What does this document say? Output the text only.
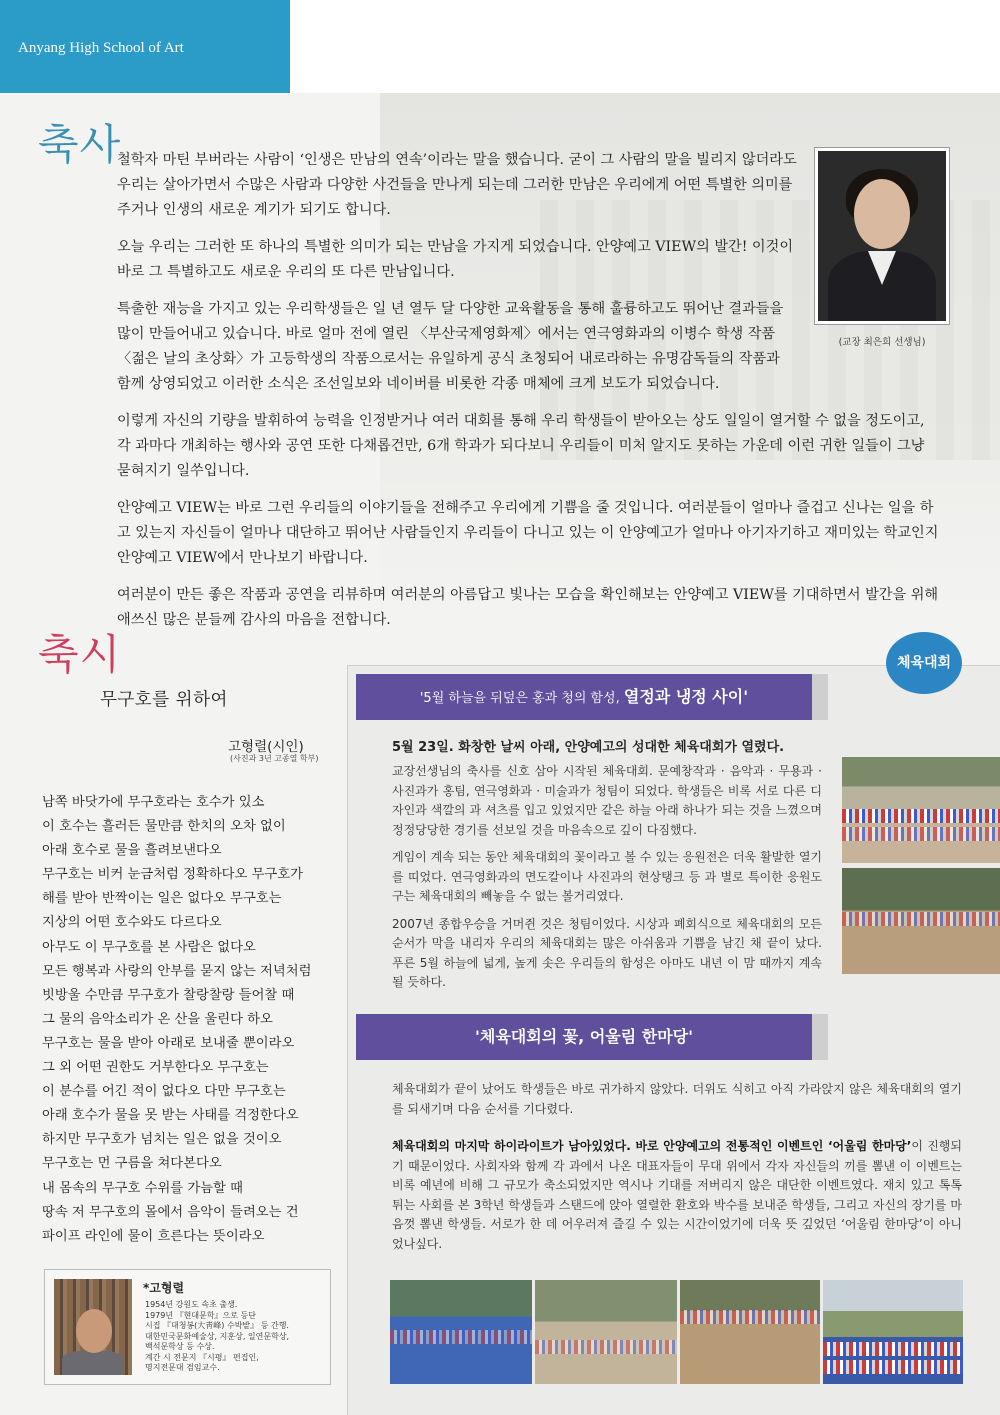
Anyang High School of Art
축사

철학자 마틴 부버라는 사람이 ‘인생은 만남의 연속’이라는 말을 했습니다. 굳이 그 사람의 말을 빌리지 않더라도 우리는 살아가면서 수많은 사람과 다양한 사건들을 만나게 되는데 그러한 만남은 우리에게 어떤 특별한 의미를 주거나 인생의 새로운 계기가 되기도 합니다.

오늘 우리는 그러한 또 하나의 특별한 의미가 되는 만남을 가지게 되었습니다. 안양예고 VIEW의 발간! 이것이 바로 그 특별하고도 새로운 우리의 또 다른 만남입니다.

특출한 재능을 가지고 있는 우리학생들은 일 년 열두 달 다양한 교육활동을 통해 훌륭하고도 뛰어난 결과들을 많이 만들어내고 있습니다. 바로 얼마 전에 열린 〈부산국제영화제〉에서는 연극영화과의 이병수 학생 작품 〈젊은 날의 초상화〉가 고등학생의 작품으로서는 유일하게 공식 초청되어 내로라하는 유명감독들의 작품과 함께 상영되었고 이러한 소식은 조선일보와 네이버를 비롯한 각종 매체에 크게 보도가 되었습니다.

이렇게 자신의 기량을 발휘하여 능력을 인정받거나 여러 대회를 통해 우리 학생들이 받아오는 상도 일일이 열거할 수 없을 정도이고, 각 과마다 개최하는 행사와 공연 또한 다채롭건만, 6개 학과가 되다보니 우리들이 미처 알지도 못하는 가운데 이런 귀한 일들이 그냥 묻혀지기 일쑤입니다.

안양예고 VIEW는 바로 그런 우리들의 이야기들을 전해주고 우리에게 기쁨을 줄 것입니다. 여러분들이 얼마나 즐겁고 신나는 일을 하고 있는지 자신들이 얼마나 대단하고 뛰어난 사람들인지 우리들이 다니고 있는 이 안양예고가 얼마나 아기자기하고 재미있는 학교인지 안양예고 VIEW에서 만나보기 바랍니다.

여러분이 만든 좋은 작품과 공연을 리뷰하며 여러분의 아름답고 빛나는 모습을 확인해보는 안양예고 VIEW를 기대하면서 발간을 위해 애쓰신 많은 분들께 감사의 마음을 전합니다.

(교장 최은희 선생님)
축시
무구호를 위하여
고형렬(시인)
(사진과 3년 고종열 학부)
남쪽 바닷가에 무구호라는 호수가 있소
이 호수는 흘러든 물만큼 한치의 오차 없이
아래 호수로 물을 흘려보낸다오
무구호는 비커 눈금처럼 정확하다오 무구호가
해를 받아 반짝이는 일은 없다오 무구호는
지상의 어떤 호수와도 다르다오
아무도 이 무구호를 본 사람은 없다오
모든 행복과 사랑의 안부를 묻지 않는 저녁처럼
빗방울 수만큼 무구호가 찰랑찰랑 들어찰 때
그 물의 음악소리가 온 산을 울린다 하오
무구호는 물을 받아 아래로 보내줄 뿐이라오
그 외 어떤 권한도 거부한다오 무구호는
이 분수를 어긴 적이 없다오 다만 무구호는
아래 호수가 물을 못 받는 사태를 걱정한다오
하지만 무구호가 넘치는 일은 없을 것이오
무구호는 먼 구름을 쳐다본다오
내 몸속의 무구호 수위를 가늠할 때
땅속 저 무구호의 몰에서 음악이 들려오는 건
파이프 라인에 물이 흐른다는 뜻이라오
*고형렬
1954년 강원도 속초 출생.
1979년 『현대문학』으로 등단
시집 『대청봉(大靑峰) 수박밭』 등 간행.
대한민국문화예술상, 지훈상, 일연문학상,
백석문학상 등 수상.
계간 시 전문지 『시평』 편집인,
명지전문대 겸임교수.
체육대회
'5월 하늘을 뒤덮은 홍과 청의 함성, 열정과 냉정 사이'
5월 23일. 화창한 날씨 아래, 안양예고의 성대한 체육대회가 열렸다.

교장선생님의 축사를 신호 삼아 시작된 체육대회. 문예창작과 · 음악과 · 무용과 · 사진과가 홍팀, 연극영화과 · 미술과가 청팀이 되었다. 학생들은 비록 서로 다른 디자인과 색깔의 과 셔츠를 입고 있었지만 같은 하늘 아래 하나가 되는 것을 느꼈으며 정정당당한 경기를 선보일 것을 마음속으로 깊이 다짐했다.

게임이 계속 되는 동안 체육대회의 꽃이라고 볼 수 있는 응원전은 더욱 활발한 열기를 띠었다. 연극영화과의 면도칼이나 사진과의 현상탱크 등 과 별로 특이한 응원도구는 체육대회의 빼놓을 수 없는 볼거리였다.

2007년 종합우승을 거머쥔 것은 청팀이었다. 시상과 폐회식으로 체육대회의 모든 순서가 막을 내리자 우리의 체육대회는 많은 아쉬움과 기쁨을 남긴 채 끝이 났다. 푸른 5월 하늘에 넓게, 높게 솟은 우리들의 함성은 아마도 내년 이 맘 때까지 계속 될 듯하다.

'체육대회의 꽃, 어울림 한마당'

체육대회가 끝이 났어도 학생들은 바로 귀가하지 않았다. 더위도 식히고 아직 가라앉지 않은 체육대회의 열기를 되새기며 다음 순서를 기다렸다.

체육대회의 마지막 하이라이트가 남아있었다. 바로 안양예고의 전통적인 이벤트인 ‘어울림 한마당’이 진행되기 때문이었다. 사회자와 함께 각 과에서 나온 대표자들이 무대 위에서 각자 자신들의 끼를 뽐낸 이 이벤트는 비록 예년에 비해 그 규모가 축소되었지만 역시나 기대를 저버리지 않은 대단한 이벤트였다. 재치 있고 톡톡 튀는 사회를 본 3학년 학생들과 스탠드에 앉아 열렬한 환호와 박수를 보내준 학생들, 그리고 자신의 장기를 마음껏 뽐낸 학생들. 서로가 한 데 어우러져 즐길 수 있는 시간이었기에 더욱 뜻 깊었던 ‘어울림 한마당’이 아니었나싶다.
